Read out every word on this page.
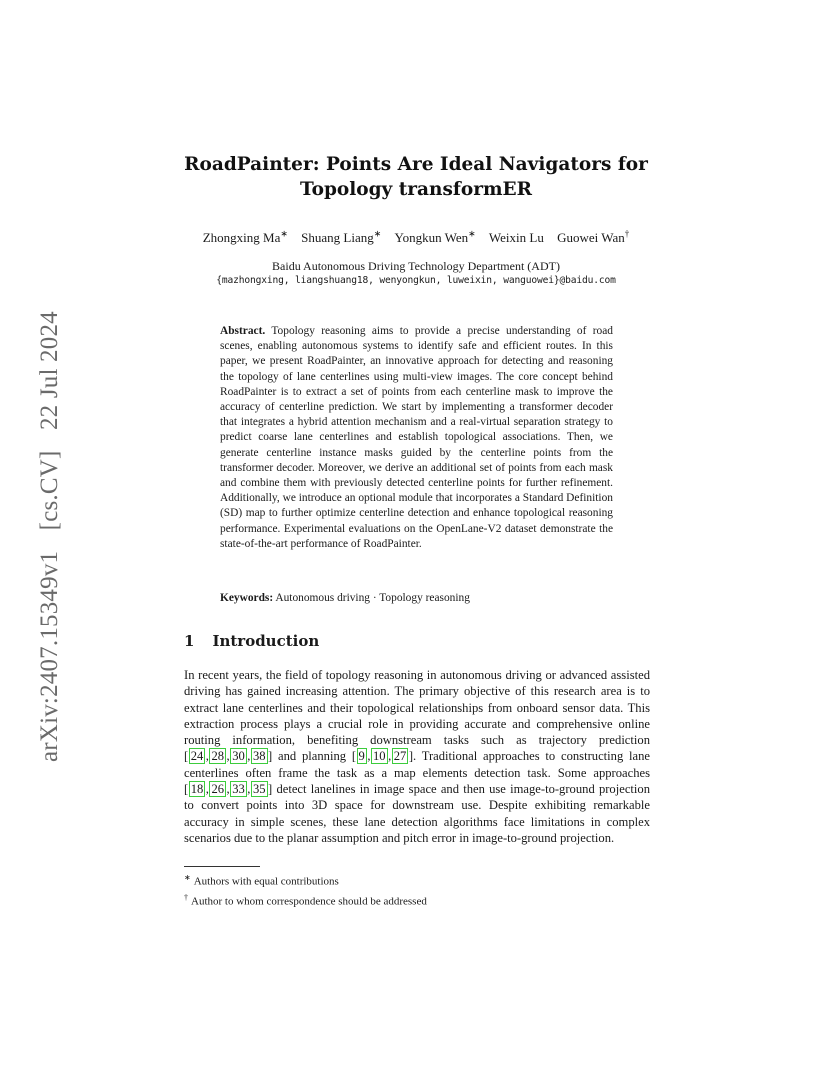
arXiv:2407.15349v1 [cs.CV] 22 Jul 2024
RoadPainter: Points Are Ideal Navigators for
Topology transformER
Zhongxing Ma∗ Shuang Liang∗ Yongkun Wen∗ Weixin Lu Guowei Wan†
Baidu Autonomous Driving Technology Department (ADT)
{mazhongxing, liangshuang18, wenyongkun, luweixin, wanguowei}@baidu.com
Abstract. Topology reasoning aims to provide a precise understanding of road scenes, enabling autonomous systems to identify safe and efficient routes. In this paper, we present RoadPainter, an innovative approach for detecting and reasoning the topology of lane centerlines using multi-view images. The core concept behind RoadPainter is to extract a set of points from each centerline mask to improve the accuracy of centerline prediction. We start by implementing a transformer decoder that integrates a hybrid attention mechanism and a real-virtual separation strategy to predict coarse lane centerlines and establish topological associations. Then, we generate centerline instance masks guided by the centerline points from the transformer decoder. Moreover, we derive an additional set of points from each mask and combine them with previously detected centerline points for further refinement. Additionally, we introduce an optional module that incorporates a Standard Definition (SD) map to further optimize centerline detection and enhance topological reasoning performance. Experimental evaluations on the OpenLane-V2 dataset demonstrate the state-of-the-art performance of RoadPainter.
Keywords: Autonomous driving · Topology reasoning
1 Introduction
In recent years, the field of topology reasoning in autonomous driving or advanced assisted driving has gained increasing attention. The primary objective of this research area is to extract lane centerlines and their topological relationships from onboard sensor data. This extraction process plays a crucial role in providing accurate and comprehensive online routing information, benefiting downstream tasks such as trajectory prediction [ 24 , 28 , 30 , 38 ] and planning [ 9 , 10 , 27 ]. Traditional approaches to constructing lane centerlines often frame the task as a map elements detection task. Some approaches [ 18 , 26 , 33 , 35 ] detect lanelines in image space and then use image-to-ground projection to convert points into 3D space for downstream use. Despite exhibiting remarkable accuracy in simple scenes, these lane detection algorithms face limitations in complex scenarios due to the planar assumption and pitch error in image-to-ground projection.
∗ Authors with equal contributions
† Author to whom correspondence should be addressed
